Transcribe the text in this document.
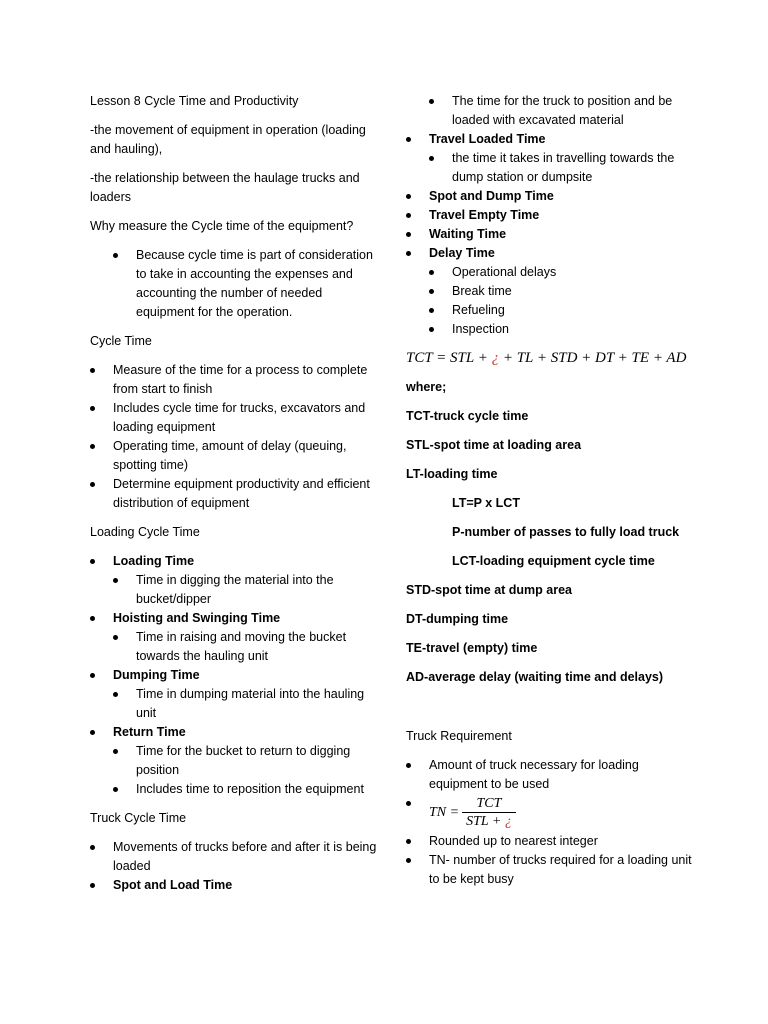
Lesson 8 Cycle Time and Productivity

-the movement of equipment in operation (loading and hauling),

-the relationship between the haulage trucks and loaders

Why measure the Cycle time of the equipment?

Because cycle time is part of consideration to take in accounting the expenses and accounting the number of needed equipment for the operation.

Cycle Time

Measure of the time for a process to complete from start to finish
Includes cycle time for trucks, excavators and loading equipment
Operating time, amount of delay (queuing, spotting time)
Determine equipment productivity and efficient distribution of equipment

Loading Cycle Time

Loading Time
Time in digging the material into the bucket/dipper
Hoisting and Swinging Time
Time in raising and moving the bucket towards the hauling unit
Dumping Time
Time in dumping material into the hauling unit
Return Time
Time for the bucket to return to digging position
Includes time to reposition the equipment

Truck Cycle Time

Movements of trucks before and after it is being loaded
Spot and Load Time
The time for the truck to position and be loaded with excavated material
Travel Loaded Time
the time it takes in travelling towards the dump station or dumpsite
Spot and Dump Time
Travel Empty Time
Waiting Time
Delay Time
Operational delays
Break time
Refueling
Inspection
TCT = STL + ¿ + TL + STD + DT + TE + AD

where;

TCT-truck cycle time

STL-spot time at loading area

LT-loading time

LT=P x LCT

P-number of passes to fully load truck

LCT-loading equipment cycle time

STD-spot time at dump area

DT-dumping time

TE-travel (empty) time

AD-average delay (waiting time and delays)

Truck Requirement

Amount of truck necessary for loading equipment to be used
TN = $\frac{\text{TCT}}{\text{STL + ¿}}$
Rounded up to nearest integer
TN- number of trucks required for a loading unit to be kept busy
